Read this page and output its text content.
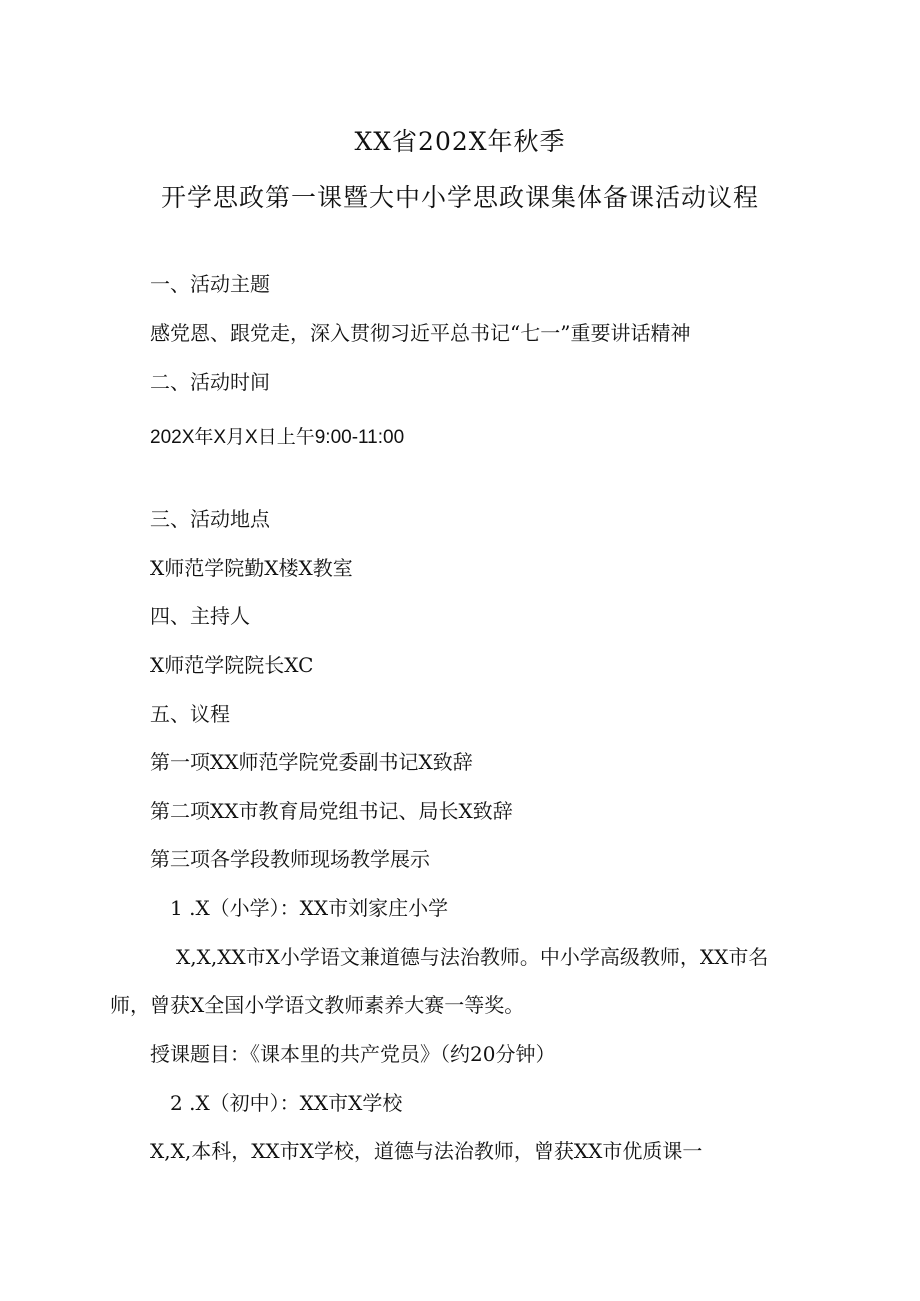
XX省202X年秋季
开学思政第一课暨大中小学思政课集体备课活动议程
一、活动主题
感党恩、跟党走，深入贯彻习近平总书记“七一”重要讲话精神
二、活动时间
202X年X月X日上午9:00-11:00
三、活动地点
X师范学院勤X楼X教室
四、主持人
X师范学院院长XC
五、议程
第一项XX师范学院党委副书记X致辞
第二项XX市教育局党组书记、局长X致辞
第三项各学段教师现场教学展示
1 .X（小学）：XX市刘家庄小学
X,X,XX市X小学语文兼道德与法治教师。中小学高级教师，XX市名
师，曾获X全国小学语文教师素养大赛一等奖。
授课题目：《课本里的共产党员》（约20分钟）
2 .X（初中）：XX市X学校
X,X,本科，XX市X学校，道德与法治教师，曾获XX市优质课一
